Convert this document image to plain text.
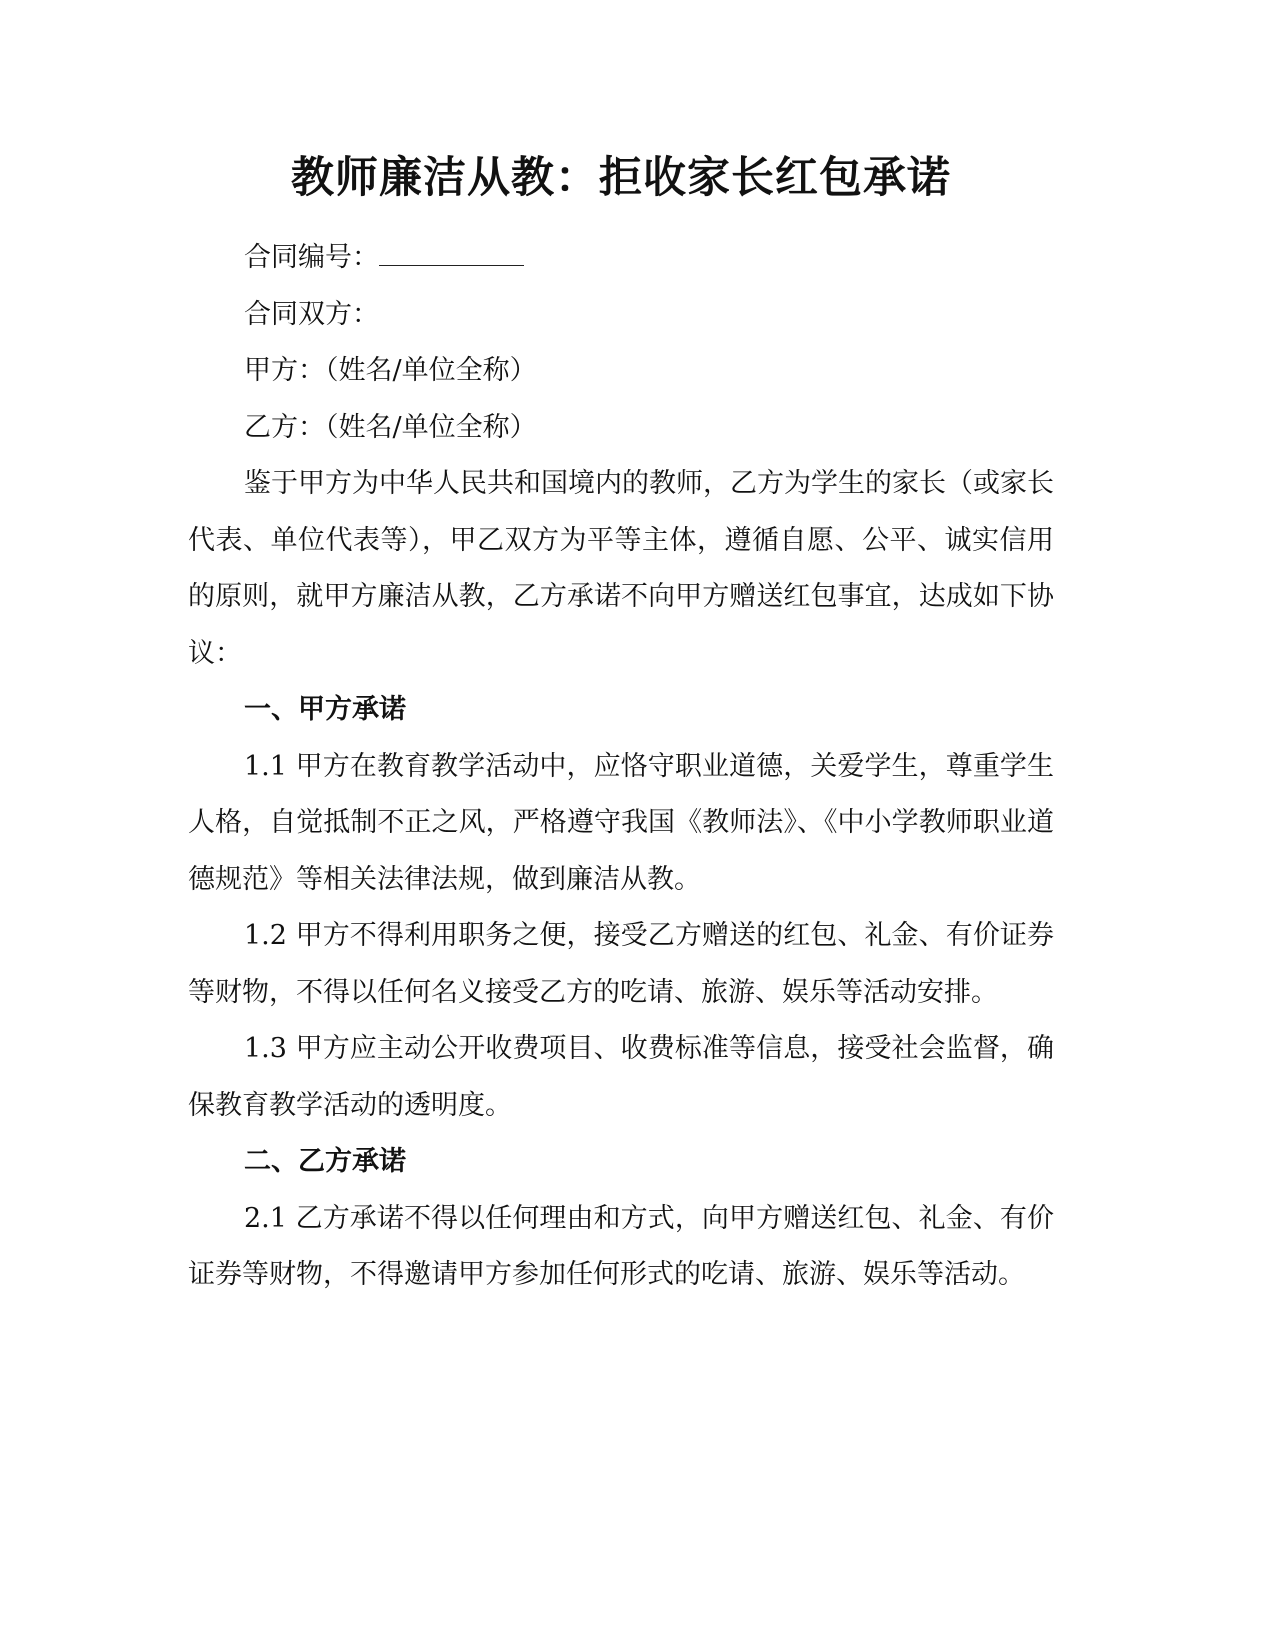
教师廉洁从教：拒收家长红包承诺

合同编号：

合同双方：

甲方：（姓名/单位全称）

乙方：（姓名/单位全称）

鉴于甲方为中华人民共和国境内的教师，乙方为学生的家长（或家长代表、单位代表等），甲乙双方为平等主体，遵循自愿、公平、诚实信用的原则，就甲方廉洁从教，乙方承诺不向甲方赠送红包事宜，达成如下协议：

一、甲方承诺

1.1 甲方在教育教学活动中，应恪守职业道德，关爱学生，尊重学生人格，自觉抵制不正之风，严格遵守我国《教师法》、《中小学教师职业道德规范》等相关法律法规，做到廉洁从教。

1.2 甲方不得利用职务之便，接受乙方赠送的红包、礼金、有价证券等财物，不得以任何名义接受乙方的吃请、旅游、娱乐等活动安排。

1.3 甲方应主动公开收费项目、收费标准等信息，接受社会监督，确保教育教学活动的透明度。

二、乙方承诺

2.1 乙方承诺不得以任何理由和方式，向甲方赠送红包、礼金、有价证券等财物，不得邀请甲方参加任何形式的吃请、旅游、娱乐等活动。
